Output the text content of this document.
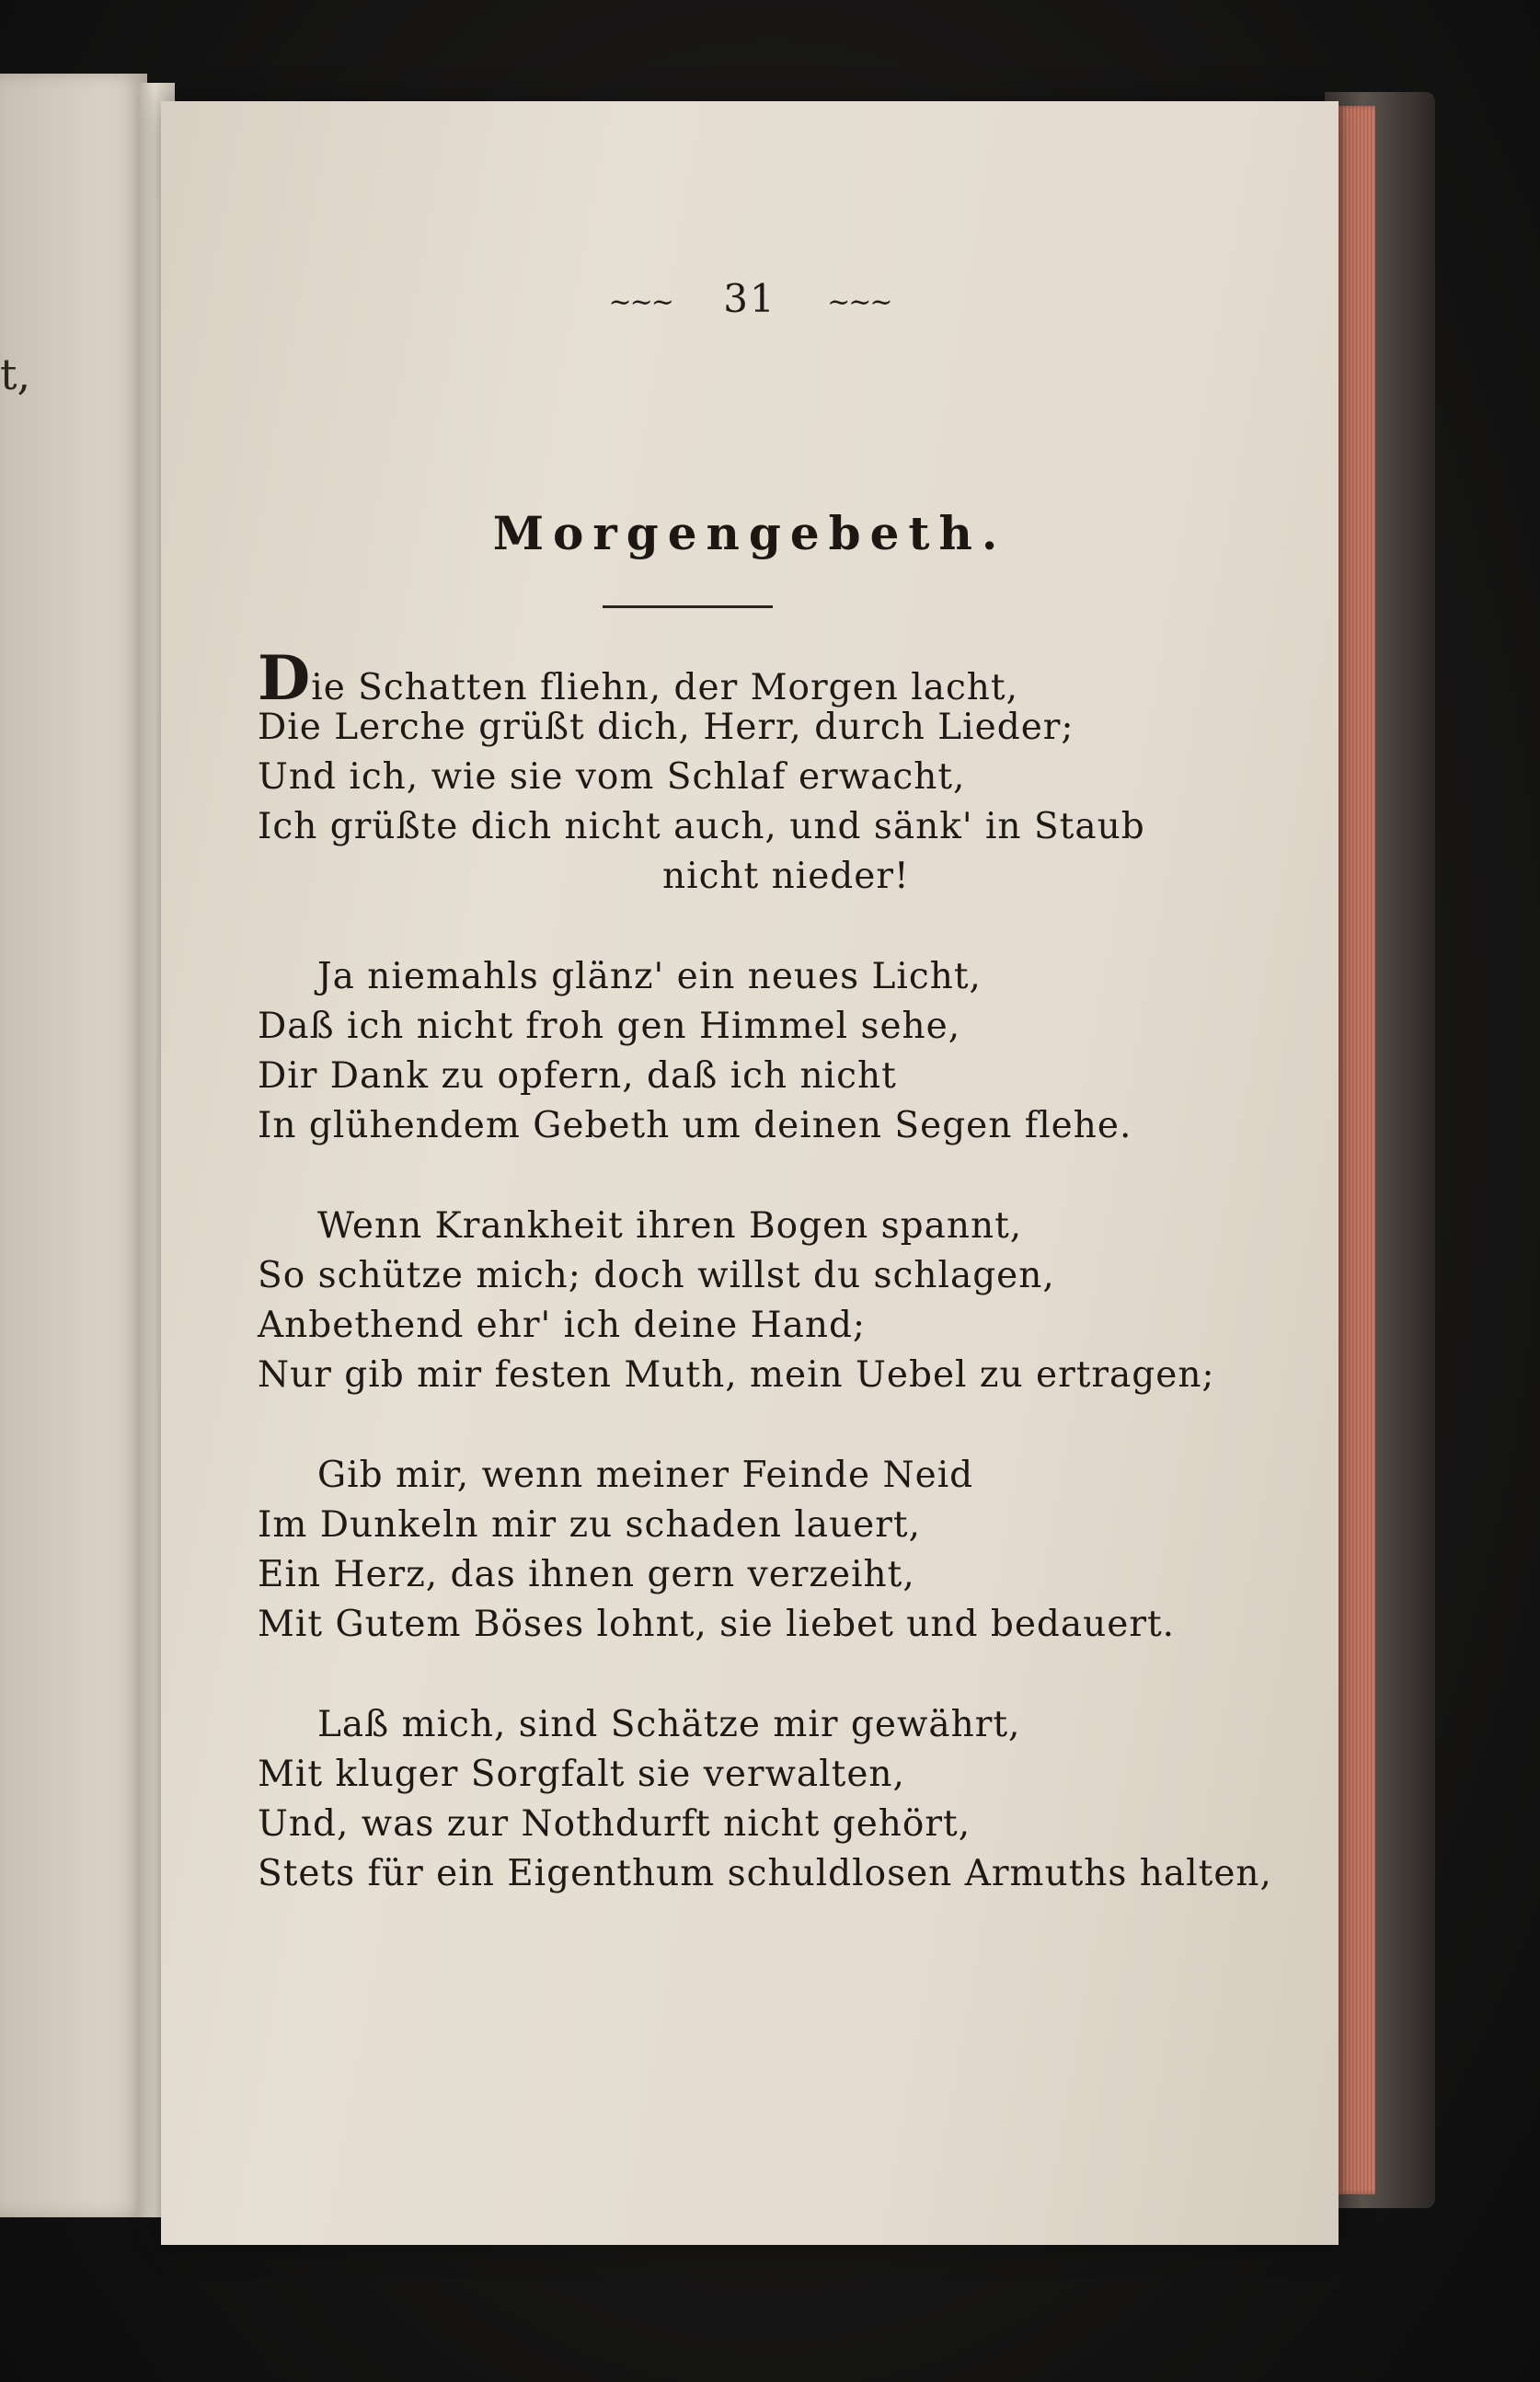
t,
~~~ 31 ~~~
Morgengebeth.
Die Schatten fliehn, der Morgen lacht,
Die Lerche grüßt dich, Herr, durch Lieder;
Und ich, wie sie vom Schlaf erwacht,
Ich grüßte dich nicht auch, und sänk' in Staub
nicht nieder!
Ja niemahls glänz' ein neues Licht,
Daß ich nicht froh gen Himmel sehe,
Dir Dank zu opfern, daß ich nicht
In glühendem Gebeth um deinen Segen flehe.
Wenn Krankheit ihren Bogen spannt,
So schütze mich; doch willst du schlagen,
Anbethend ehr' ich deine Hand;
Nur gib mir festen Muth, mein Uebel zu ertragen;
Gib mir, wenn meiner Feinde Neid
Im Dunkeln mir zu schaden lauert,
Ein Herz, das ihnen gern verzeiht,
Mit Gutem Böses lohnt, sie liebet und bedauert.
Laß mich, sind Schätze mir gewährt,
Mit kluger Sorgfalt sie verwalten,
Und, was zur Nothdurft nicht gehört,
Stets für ein Eigenthum schuldlosen Armuths halten,
